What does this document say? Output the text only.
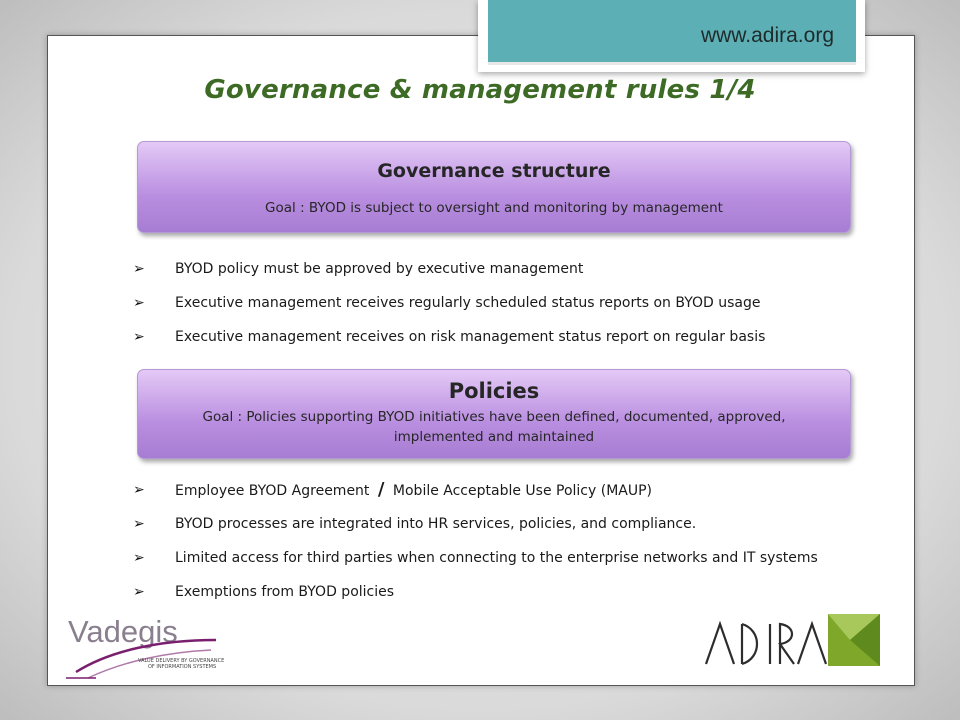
www.adira.org
Governance & management rules 1/4
Governance structure
Goal : BYOD is subject to oversight and monitoring by management
➢ BYOD policy must be approved by executive management
➢ Executive management receives regularly scheduled status reports on BYOD usage
➢ Executive management receives on risk management status report on regular basis
Policies
Goal : Policies supporting BYOD initiatives have been defined, documented, approved, implemented and maintained
➢ Employee BYOD Agreement / Mobile Acceptable Use Policy (MAUP)
➢ BYOD processes are integrated into HR services, policies, and compliance.
➢ Limited access for third parties when connecting to the enterprise networks and IT systems
➢ Exemptions from BYOD policies
Vadegis
VALUE DELIVERY BY GOVERNANCE
OF INFORMATION SYSTEMS
